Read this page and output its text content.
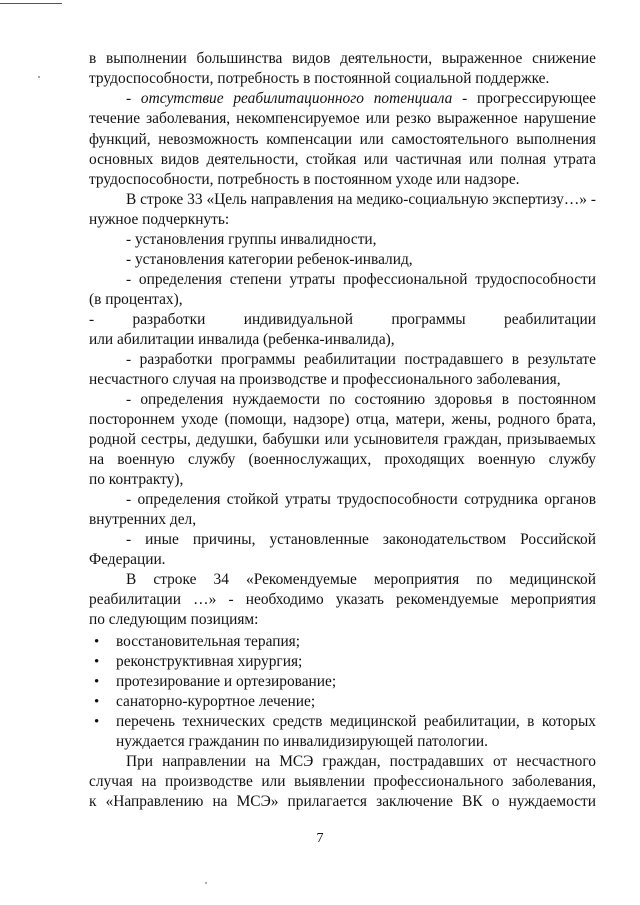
в выполнении большинства видов деятельности, выраженное снижение

трудоспособности, потребность в постоянной социальной поддержке.

- отсутствие реабилитационного потенциала - прогрессирующее

течение заболевания, некомпенсируемое или резко выраженное нарушение

функций, невозможность компенсации или самостоятельного выполнения

основных видов деятельности, стойкая или частичная или полная утрата

трудоспособности, потребность в постоянном уходе или надзоре.

В строке 33 «Цель направления на медико-социальную экспертизу…» -

нужное подчеркнуть:

- установления группы инвалидности,

- установления категории ребенок-инвалид,

- определения степени утраты профессиональной трудоспособности

(в процентах),

- разработки индивидуальной программы реабилитации

или абилитации инвалида (ребенка-инвалида),

- разработки программы реабилитации пострадавшего в результате

несчастного случая на производстве и профессионального заболевания,

- определения нуждаемости по состоянию здоровья в постоянном

постороннем уходе (помощи, надзоре) отца, матери, жены, родного брата,

родной сестры, дедушки, бабушки или усыновителя граждан, призываемых

на военную службу (военнослужащих, проходящих военную службу

по контракту),

- определения стойкой утраты трудоспособности сотрудника органов

внутренних дел,

- иные причины, установленные законодательством Российской

Федерации.

В строке 34 «Рекомендуемые мероприятия по медицинской

реабилитации …» - необходимо указать рекомендуемые мероприятия

по следующим позициям:

•	восстановительная терапия;

•	реконструктивная хирургия;

•	протезирование и ортезирование;

•	санаторно-курортное лечение;

•	перечень технических средств медицинской реабилитации, в которых

нуждается гражданин по инвалидизирующей патологии.

При направлении на МСЭ граждан, пострадавших от несчастного

случая на производстве или выявлении профессионального заболевания,

к «Направлению на МСЭ» прилагается заключение ВК о нуждаемости

7
